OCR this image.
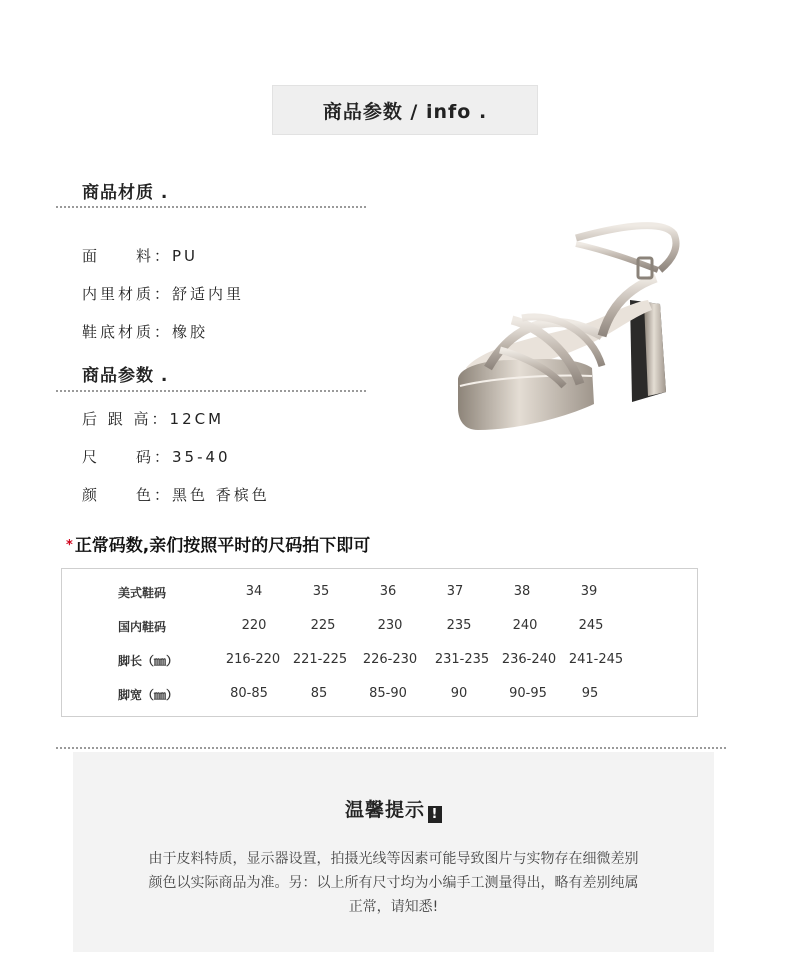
商品参数 / info .
商品材质 .
面　　料：PU
内里材质：舒适内里
鞋底材质：橡胶
商品参数 .
后 跟 高：12CM
尺　　码：35-40
颜　　色：黑色 香槟色
* 正常码数,亲们按照平时的尺码拍下即可
美式鞋码	34	35	36	37	38	39
国内鞋码	220	225	230	235	240	245
脚长（㎜）	216-220 221-225	226-230	231-235 236-240 241-245
脚宽（㎜）	80-85	85	85-90	90	90-95	95
温馨提示 !
由于皮料特质，显示器设置，拍摄光线等因素可能导致图片与实物存在细微差别
颜色以实际商品为准。另：以上所有尺寸均为小编手工测量得出，略有差别纯属
正常，请知悉!
